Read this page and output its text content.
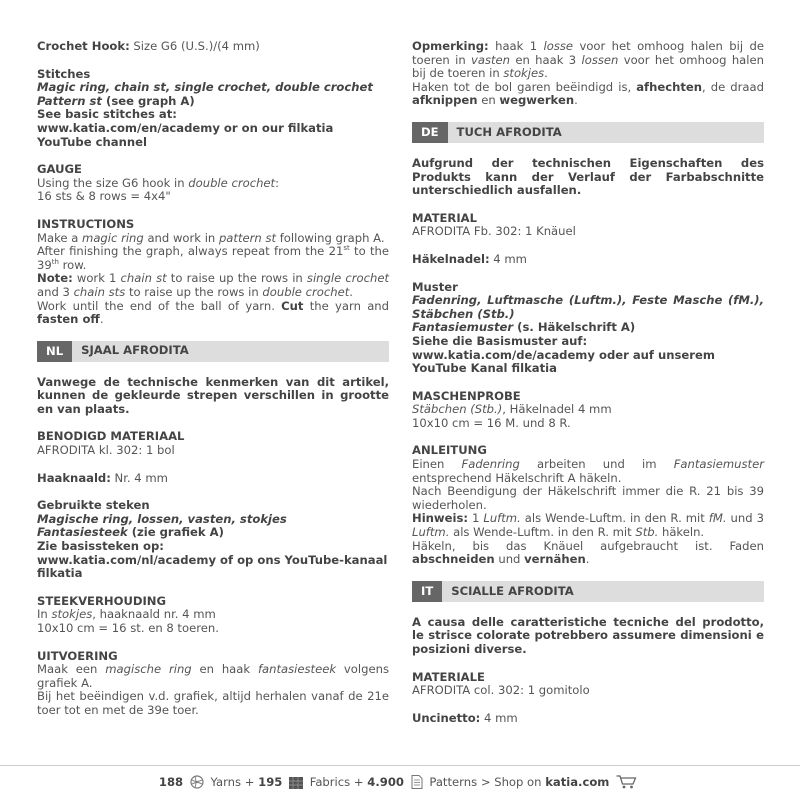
Crochet Hook: Size G6 (U.S.)/(4 mm)
Stitches
Magic ring, chain st, single crochet, double crochet
Pattern st (see graph A)
See basic stitches at:
www.katia.com/en/academy or on our filkatia YouTube channel
GAUGE
Using the size G6 hook in double crochet:
16 sts & 8 rows = 4x4"
INSTRUCTIONS
Make a magic ring and work in pattern st following graph A.
After finishing the graph, always repeat from the 21st to the 39th row.
Note: work 1 chain st to raise up the rows in single crochet and 3 chain sts to raise up the rows in double crochet.
Work until the end of the ball of yarn. Cut the yarn and fasten off.
NL	SJAAL AFRODITA
Vanwege de technische kenmerken van dit artikel, kunnen de gekleurde strepen verschillen in grootte en van plaats.
BENODIGD MATERIAAL
AFRODITA kl. 302: 1 bol
Haaknaald: Nr. 4 mm
Gebruikte steken
Magische ring, lossen, vasten, stokjes
Fantasiesteek (zie grafiek A)
Zie basissteken op:
www.katia.com/nl/academy of op ons YouTube-kanaal filkatia
STEEKVERHOUDING
In stokjes, haaknaald nr. 4 mm
10x10 cm = 16 st. en 8 toeren.
UITVOERING
Maak een magische ring en haak fantasiesteek volgens grafiek A.
Bij het beëindigen v.d. grafiek, altijd herhalen vanaf de 21e toer tot en met de 39e toer.
Opmerking: haak 1 losse voor het omhoog halen bij de toeren in vasten en haak 3 lossen voor het omhoog halen bij de toeren in stokjes.
Haken tot de bol garen beëindigd is, afhechten, de draad afknippen en wegwerken.
DE	TUCH AFRODITA
Aufgrund der technischen Eigenschaften des Produkts kann der Verlauf der Farbabschnitte unterschiedlich ausfallen.
MATERIAL
AFRODITA Fb. 302: 1 Knäuel
Häkelnadel: 4 mm
Muster
Fadenring, Luftmasche (Luftm.), Feste Masche (fM.), Stäbchen (Stb.)
Fantasiemuster (s. Häkelschrift A)
Siehe die Basismuster auf:
www.katia.com/de/academy oder auf unserem YouTube Kanal filkatia
MASCHENPROBE
Stäbchen (Stb.), Häkelnadel 4 mm
10x10 cm = 16 M. und 8 R.
ANLEITUNG
Einen Fadenring arbeiten und im Fantasiemuster entsprechend Häkelschrift A häkeln.
Nach Beendigung der Häkelschrift immer die R. 21 bis 39 wiederholen.
Hinweis: 1 Luftm. als Wende-Luftm. in den R. mit fM. und 3 Luftm. als Wende-Luftm. in den R. mit Stb. häkeln.
Häkeln, bis das Knäuel aufgebraucht ist. Faden abschneiden und vernähen.
IT	SCIALLE AFRODITA
A causa delle caratteristiche tecniche del prodotto, le strisce colorate potrebbero assumere dimensioni e posizioni diverse.
MATERIALE
AFRODITA col. 302: 1 gomitolo
Uncinetto: 4 mm
188 Yarns + 195 Fabrics + 4.900 Patterns > Shop on katia.com
